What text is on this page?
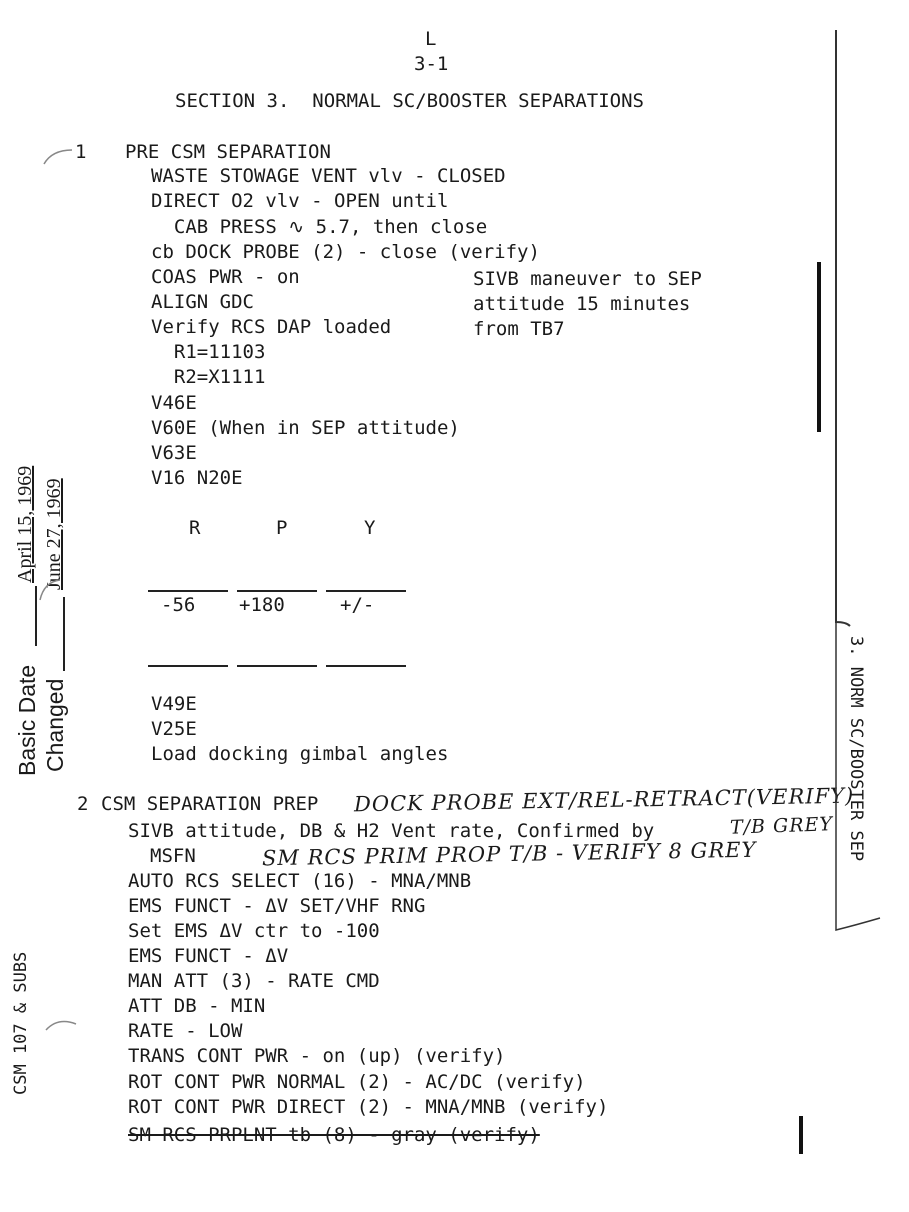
L
3-1
SECTION 3.  NORMAL SC/BOOSTER SEPARATIONS
1 PRE CSM SEPARATION
WASTE STOWAGE VENT vlv - CLOSED
DIRECT O2 vlv - OPEN until
CAB PRESS ∿ 5.7, then close
cb DOCK PROBE (2) - close (verify)
COAS PWR - on
ALIGN GDC
Verify RCS DAP loaded
R1=11103
R2=X1111
V46E
V60E (When in SEP attitude)
V63E
V16 N20E
SIVB maneuver to SEP
attitude 15 minutes
from TB7
R	P	Y
-56 +180	+/-
V49E
V25E
Load docking gimbal angles
2 CSM SEPARATION PREP DOCK PROBE EXT/REL-RETRACT(VERIFY)
SIVB attitude, DB & H2 Vent rate, Confirmed by	T/B GREY
MSFN	SM RCS PRIM PROP T/B - VERIFY 8 GREY
AUTO RCS SELECT (16) - MNA/MNB
EMS FUNCT - ΔV SET/VHF RNG
Set EMS ΔV ctr to -100
EMS FUNCT - ΔV
MAN ATT (3) - RATE CMD
ATT DB - MIN
RATE - LOW
TRANS CONT PWR - on (up) (verify)
ROT CONT PWR NORMAL (2) - AC/DC (verify)
ROT CONT PWR DIRECT (2) - MNA/MNB (verify)
SM RCS PRPLNT tb (8) - gray (verify)
Basic Date
April 15, 1969
Changed
June 27, 1969
CSM 107 & SUBS
3. NORM SC/BOOSTER SEP
